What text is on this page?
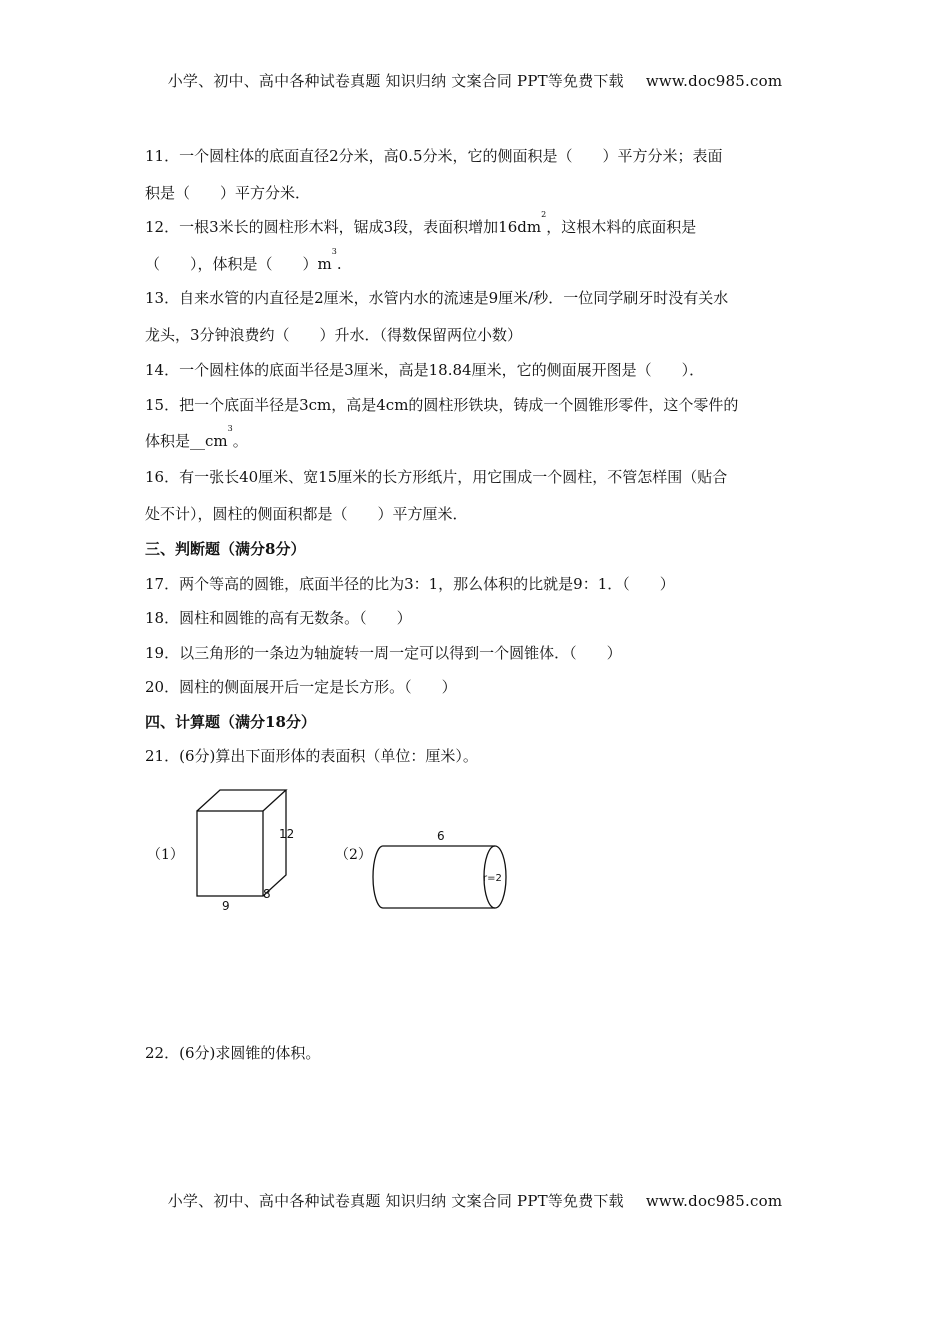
小学、初中、高中各种试卷真题 知识归纳 文案合同 PPT等免费下载 www.doc985.com
11．一个圆柱体的底面直径2分米，高0.5分米，它的侧面积是（　　）平方分米；表面
积是（　　）平方分米．
12．一根3米长的圆柱形木料，锯成3段，表面积增加$16dm^2$，这根木料的底面积是
（　　），体积是（　　）$m^3$.
13．自来水管的内直径是2厘米，水管内水的流速是9厘米/秒．一位同学刷牙时没有关水
龙头，3分钟浪费约（　　）升水．（得数保留两位小数）
14．一个圆柱体的底面半径是3厘米，高是18.84厘米，它的侧面展开图是（　　）．
15．把一个底面半径是3cm，高是4cm的圆柱形铁块，铸成一个圆锥形零件，这个零件的
体积是$\_\_cm^3$。
16．有一张长40厘米、宽15厘米的长方形纸片，用它围成一个圆柱，不管怎样围（贴合
处不计），圆柱的侧面积都是（　　）平方厘米．
三、判断题（满分8分）
17．两个等高的圆锥，底面半径的比为3：1，那么体积的比就是9：1．（　　）
18．圆柱和圆锥的高有无数条。（　　）
19．以三角形的一条边为轴旋转一周一定可以得到一个圆锥体．（　　）
20．圆柱的侧面展开后一定是长方形。（　　）
四、计算题（满分18分）
21．(6分)算出下面形体的表面积（单位：厘米）。
22．(6分)求圆锥的体积。
（1）	（2）
12
9
8
6
r=2
小学、初中、高中各种试卷真题 知识归纳 文案合同 PPT等免费下载 www.doc985.com
